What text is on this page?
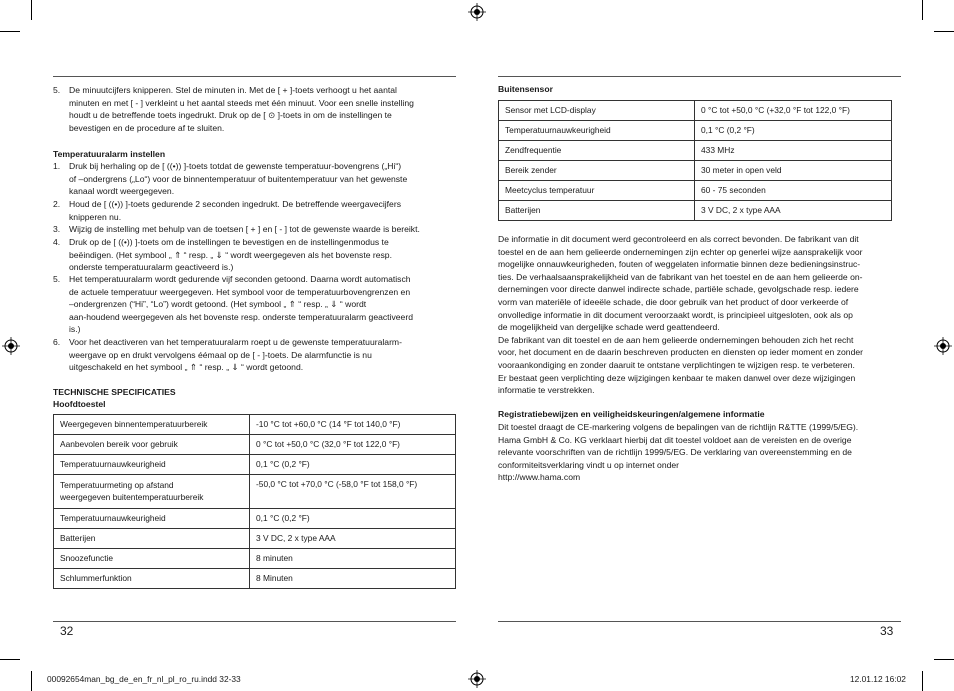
5. De minuutcijfers knipperen. Stel de minuten in. Met de [ + ]-toets verhoogt u het aantal
minuten en met [ - ] verkleint u het aantal steeds met één minuut. Voor een snelle instelling
houdt u de betreffende toets ingedrukt. Druk op de [ ⊙ ]-toets in om de instellingen te
bevestigen en de procedure af te sluiten.
Temperatuuralarm instellen
1. Druk bij herhaling op de [ ((•)) ]-toets totdat de gewenste temperatuur-bovengrens („Hi“)
of –ondergrens („Lo“) voor de binnentemperatuur of buitentemperatuur van het gewenste
kanaal wordt weergegeven.
2. Houd de [ ((•)) ]-toets gedurende 2 seconden ingedrukt. De betreffende weergavecijfers
knipperen nu.
3. Wijzig de instelling met behulp van de toetsen [ + ] en [ - ] tot de gewenste waarde is bereikt.
4. Druk op de [ ((•)) ]-toets om de instellingen te bevestigen en de instellingenmodus te
beëindigen. (Het symbool „ ⇑ “ resp. „ ⇓ “ wordt weergegeven als het bovenste resp.
onderste temperatuuralarm geactiveerd is.)
5. Het temperatuuralarm wordt gedurende vijf seconden getoond. Daarna wordt automatisch
de actuele temperatuur weergegeven. Het symbool voor de temperatuurbovengrenzen en
–ondergrenzen (“Hi”, “Lo”) wordt getoond. (Het symbool „ ⇑ “ resp. „ ⇓ “ wordt
aan-houdend weergegeven als het bovenste resp. onderste temperatuuralarm geactiveerd
is.)
6. Voor het deactiveren van het temperatuuralarm roept u de gewenste temperatuuralarm-
weergave op en drukt vervolgens éémaal op de [ - ]-toets. De alarmfunctie is nu
uitgeschakeld en het symbool „ ⇑ “ resp. „ ⇓ “ wordt getoond.
TECHNISCHE SPECIFICATIES
Hoofdtoestel
Weergegeven binnentemperatuurbereik	-10 °C tot +60,0 °C (14 °F tot 140,0 °F)
Aanbevolen bereik voor gebruik	0 °C tot +50,0 °C (32,0 °F tot 122,0 °F)
Temperatuurnauwkeurigheid	0,1 °C (0,2 °F)
Temperatuurmeting op afstand
weergegeven buitentemperatuurbereik	-50,0 °C tot +70,0 °C (-58,0 °F tot 158,0 °F)
Temperatuurnauwkeurigheid	0,1 °C (0,2 °F)
Batterijen	3 V DC, 2 x type AAA
Snoozefunctie	8 minuten
Schlummerfunktion	8 Minuten
32
Buitensensor
Sensor met LCD-display	0 °C tot +50,0 °C (+32,0 °F tot 122,0 °F)
Temperatuurnauwkeurigheid	0,1 °C (0,2 °F)
Zendfrequentie	433 MHz
Bereik zender	30 meter in open veld
Meetcyclus temperatuur	60 - 75 seconden
Batterijen	3 V DC, 2 x type AAA
De informatie in dit document werd gecontroleerd en als correct bevonden. De fabrikant van dit
toestel en de aan hem gelieerde ondernemingen zijn echter op generlei wijze aansprakelijk voor
mogelijke onnauwkeurigheden, fouten of weggelaten informatie binnen deze bedieningsinstruc-
ties. De verhaalsaansprakelijkheid van de fabrikant van het toestel en de aan hem gelieerde on-
dernemingen voor directe danwel indirecte schade, partiële schade, gevolgschade resp. iedere
vorm van materiële of ideeële schade, die door gebruik van het product of door verkeerde of
onvolledige informatie in dit document veroorzaakt wordt, is principieel uitgesloten, ook als op
de mogelijkheid van dergelijke schade werd geattendeerd.
De fabrikant van dit toestel en de aan hem gelieerde ondernemingen behouden zich het recht
voor, het document en de daarin beschreven producten en diensten op ieder moment en zonder
vooraankondiging en zonder daaruit te ontstane verplichtingen te wijzigen resp. te verbeteren.
Er bestaat geen verplichting deze wijzigingen kenbaar te maken danwel over deze wijzigingen
informatie te verstrekken.
Registratiebewijzen en veiligheidskeuringen/algemene informatie
Dit toestel draagt de CE-markering volgens de bepalingen van de richtlijn R&TTE (1999/5/EG).
Hama GmbH & Co. KG verklaart hierbij dat dit toestel voldoet aan de vereisten en de overige
relevante voorschriften van de richtlijn 1999/5/EG. De verklaring van overeenstemming en de
conformiteitsverklaring vindt u op internet onder
http://www.hama.com
33
00092654man_bg_de_en_fr_nl_pl_ro_ru.indd 32-33	12.01.12 16:02
